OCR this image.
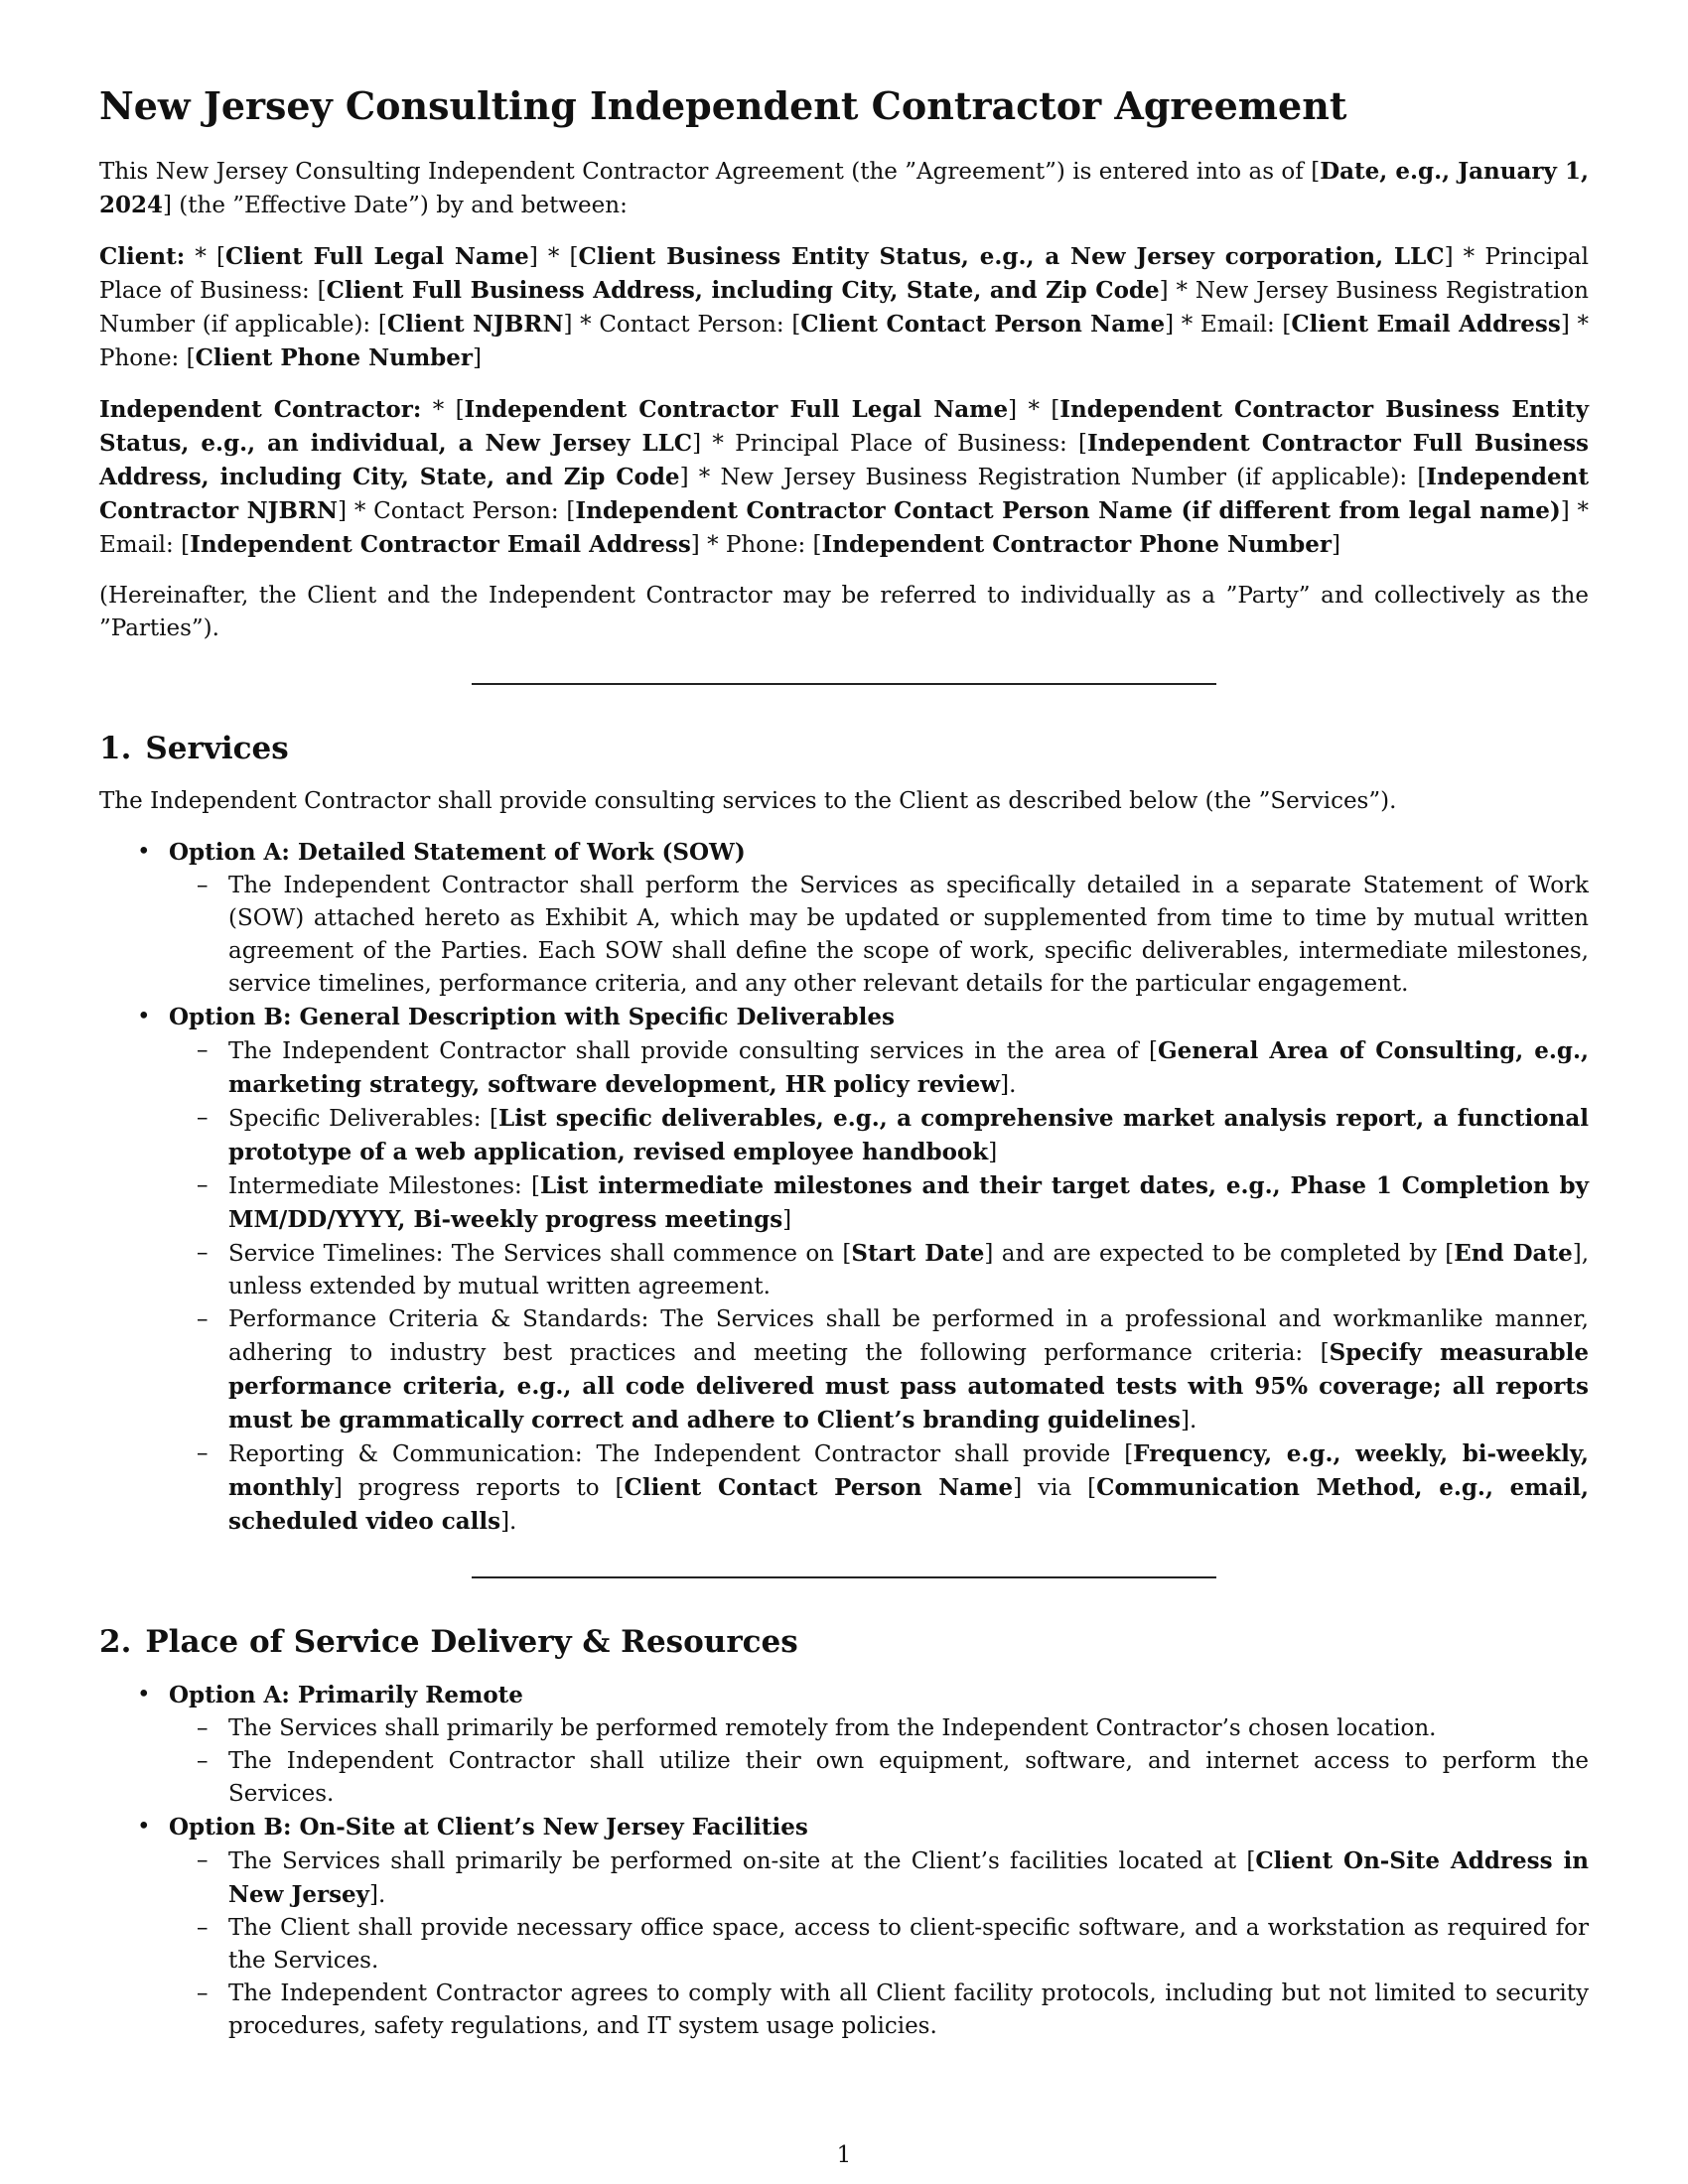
New Jersey Consulting Independent Contractor Agreement

This New Jersey Consulting Independent Contractor Agreement (the ”Agreement”) is entered into as of [Date, e.g., January 1, 2024] (the ”Effective Date”) by and between:

Client: * [Client Full Legal Name] * [Client Business Entity Status, e.g., a New Jersey corporation, LLC] * Principal Place of Business: [Client Full Business Address, including City, State, and Zip Code] * New Jersey Business Registration Number (if applicable): [Client NJBRN] * Contact Person: [Client Contact Person Name] * Email: [Client Email Address] * Phone: [Client Phone Number]

Independent Contractor: * [Independent Contractor Full Legal Name] * [Independent Contractor Business Entity Status, e.g., an individual, a New Jersey LLC] * Principal Place of Business: [Independent Contractor Full Business Address, including City, State, and Zip Code] * New Jersey Business Registration Number (if applicable): [Independent Contractor NJBRN] * Contact Person: [Independent Contractor Contact Person Name (if different from legal name)] * Email: [Independent Contractor Email Address] * Phone: [Independent Contractor Phone Number]

(Hereinafter, the Client and the Independent Contractor may be referred to individually as a ”Party” and collectively as the ”Parties”).

1. Services

The Independent Contractor shall provide consulting services to the Client as described below (the ”Services”).

• Option A: Detailed Statement of Work (SOW)
– The Independent Contractor shall perform the Services as specifically detailed in a separate Statement of Work (SOW) attached hereto as Exhibit A, which may be updated or supplemented from time to time by mutual written agreement of the Parties. Each SOW shall define the scope of work, specific deliverables, intermediate milestones, service timelines, performance criteria, and any other relevant details for the particular engagement.
• Option B: General Description with Specific Deliverables
– The Independent Contractor shall provide consulting services in the area of [General Area of Consulting, e.g., marketing strategy, software development, HR policy review].
– Specific Deliverables: [List specific deliverables, e.g., a comprehensive market analysis report, a functional prototype of a web application, revised employee handbook]
– Intermediate Milestones: [List intermediate milestones and their target dates, e.g., Phase 1 Completion by MM/DD/YYYY, Bi-weekly progress meetings]
– Service Timelines: The Services shall commence on [Start Date] and are expected to be completed by [End Date], unless extended by mutual written agreement.
– Performance Criteria & Standards: The Services shall be performed in a professional and workmanlike manner, adhering to industry best practices and meeting the following performance criteria: [Specify measurable performance criteria, e.g., all code delivered must pass automated tests with 95% coverage; all reports must be grammatically correct and adhere to Client’s branding guidelines].
– Reporting & Communication: The Independent Contractor shall provide [Frequency, e.g., weekly, bi-weekly, monthly] progress reports to [Client Contact Person Name] via [Communication Method, e.g., email, scheduled video calls].
2. Place of Service Delivery & Resources
• Option A: Primarily Remote
– The Services shall primarily be performed remotely from the Independent Contractor’s chosen location.
– The Independent Contractor shall utilize their own equipment, software, and internet access to perform the Services.
• Option B: On-Site at Client’s New Jersey Facilities
– The Services shall primarily be performed on-site at the Client’s facilities located at [Client On-Site Address in New Jersey].
– The Client shall provide necessary office space, access to client-specific software, and a workstation as required for the Services.
– The Independent Contractor agrees to comply with all Client facility protocols, including but not limited to security procedures, safety regulations, and IT system usage policies.
1
